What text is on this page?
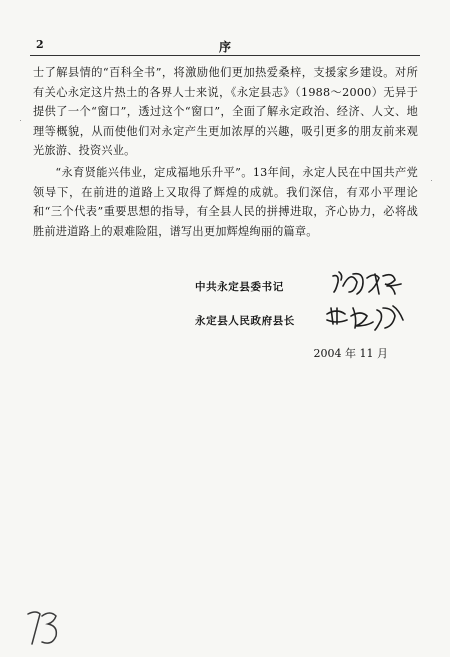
2	序

士了解县情的“百科全书”，将激励他们更加热爱桑梓，支援家乡建设。对所有关心永定这片热土的各界人士来说，《永定县志》（1988～2000）无异于提供了一个“窗口”，透过这个“窗口”，全面了解永定政治、经济、人文、地理等概貌，从而使他们对永定产生更加浓厚的兴趣，吸引更多的朋友前来观光旅游、投资兴业。

“永育贤能兴伟业，定成福地乐升平”。13年间，永定人民在中国共产党领导下，在前进的道路上又取得了辉煌的成就。我们深信，有邓小平理论和“三个代表”重要思想的指导，有全县人民的拼搏进取，齐心协力，必将战胜前进道路上的艰难险阻，谱写出更加辉煌绚丽的篇章。

中共永定县委书记
永定县人民政府县长
2004 年 11 月
